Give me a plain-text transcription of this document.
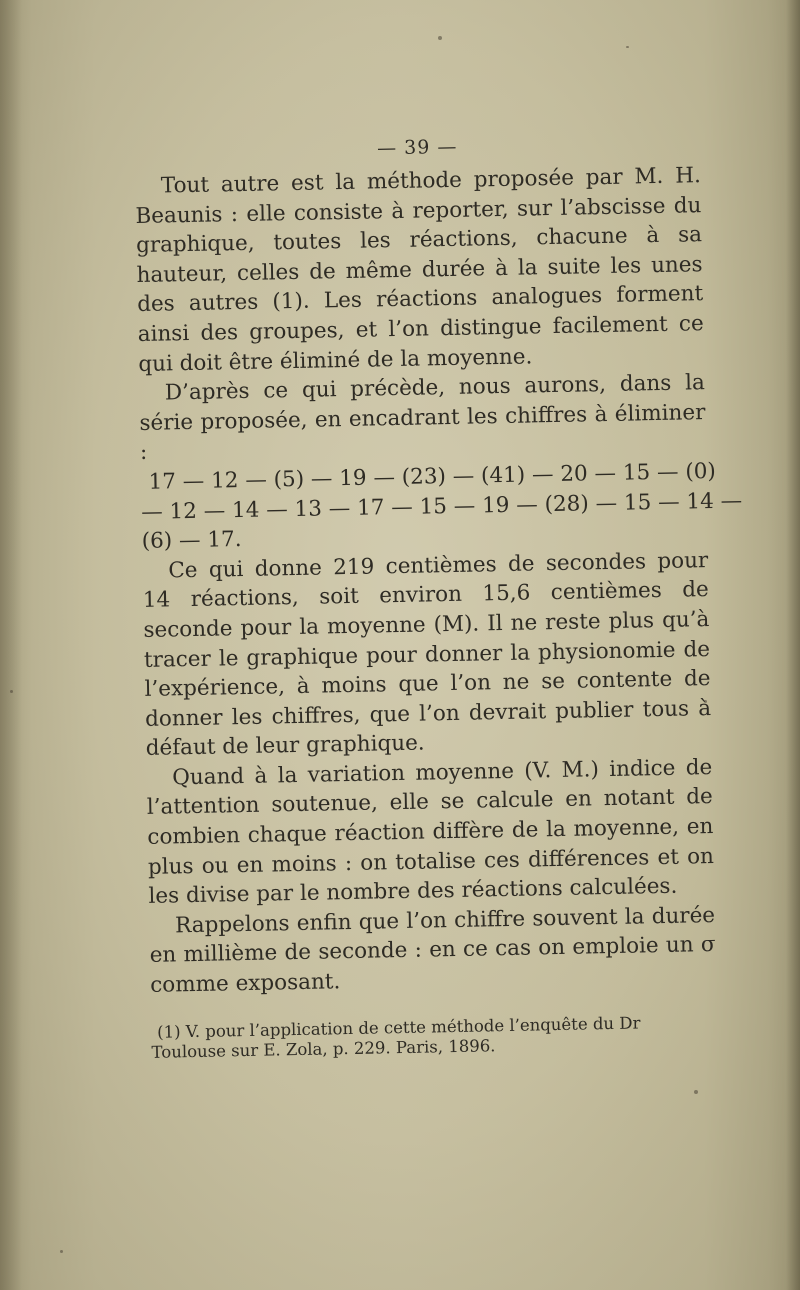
— 39 —

Tout autre est la méthode proposée par M. H. Beaunis : elle consiste à reporter, sur l’abscisse du graphique, toutes les réactions, chacune à sa hauteur, celles de même durée à la suite les unes des autres (1). Les réactions analogues forment ainsi des groupes, et l’on distingue facilement ce qui doit être éliminé de la moyenne.

D’après ce qui précède, nous aurons, dans la série proposée, en encadrant les chiffres à éliminer :

17 — 12 — (5) — 19 — (23) — (41) — 20 — 15 — (0)
— 12 — 14 — 13 — 17 — 15 — 19 — (28) — 15 — 14 —
(6) — 17.

Ce qui donne 219 centièmes de secondes pour 14 réactions, soit environ 15,6 centièmes de seconde pour la moyenne (M). Il ne reste plus qu’à tracer le graphique pour donner la physionomie de l’expérience, à moins que l’on ne se contente de donner les chiffres, que l’on devrait publier tous à défaut de leur graphique.

Quand à la variation moyenne (V. M.) indice de l’attention soutenue, elle se calcule en notant de combien chaque réaction diffère de la moyenne, en plus ou en moins : on totalise ces différences et on les divise par le nombre des réactions calculées.

Rappelons enfin que l’on chiffre souvent la durée en millième de seconde : en ce cas on emploie un σ comme exposant.

(1) V. pour l’application de cette méthode l’enquête du Dr Toulouse sur E. Zola, p. 229. Paris, 1896.
